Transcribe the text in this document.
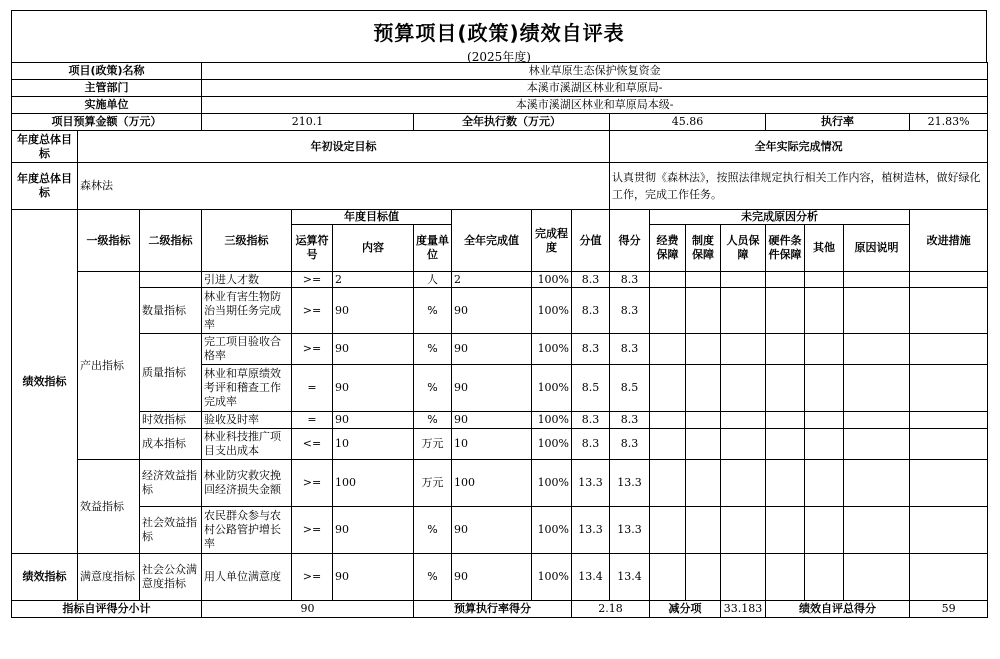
预算项目(政策)绩效自评表
(2025年度)
项目(政策)名称			林业草原生态保护恢复资金														
主管部门			本溪市溪湖区林业和草原局-														
实施单位			本溪市溪湖区林业和草原局本级-														
项目预算金额（万元）			210.1			全年执行数（万元）				45.86				执行率			21.83%
年度总体目标	年初设定目标									全年实际完成情况							
年度总体目标	森林法									认真贯彻《森林法》，按照法律规定执行相关工作内容，植树造林，做好绿化工作，完成工作任务。							
绩效指标	一级指标	二级指标	三级指标	年度目标值			全年完成值	完成程度	分值	得分	未完成原因分析						改进措施
				运算符号	内容	度量单位					经费保障	制度保障	人员保障	硬件条件保障	其他	原因说明	

	产出指标		引进人才数	>=	2	人	2	100%	8.3	8.3							
		数量指标	林业有害生物防治当期任务完成率	>=	90	%	90	100%	8.3	8.3							
		质量指标	完工项目验收合格率	>=	90	%	90	100%	8.3	8.3							
			林业和草原绩效考评和稽查工作完成率	=	90	%	90	100%	8.5	8.5							
		时效指标	验收及时率	=	90	%	90	100%	8.3	8.3							
		成本指标	林业科技推广项目支出成本	<=	10	万元	10	100%	8.3	8.3							
	效益指标	经济效益指标	林业防灾救灾挽回经济损失金额	>=	100	万元	100	100%	13.3	13.3							
		社会效益指标	农民群众参与农村公路管护增长率	>=	90	%	90	100%	13.3	13.3							
绩效指标	满意度指标	社会公众满意度指标	用人单位满意度	>=	90	%	90	100%	13.4	13.4							
指标自评得分小计			90			预算执行率得分			2.18		减分项		33.183	绩效自评总得分			59
